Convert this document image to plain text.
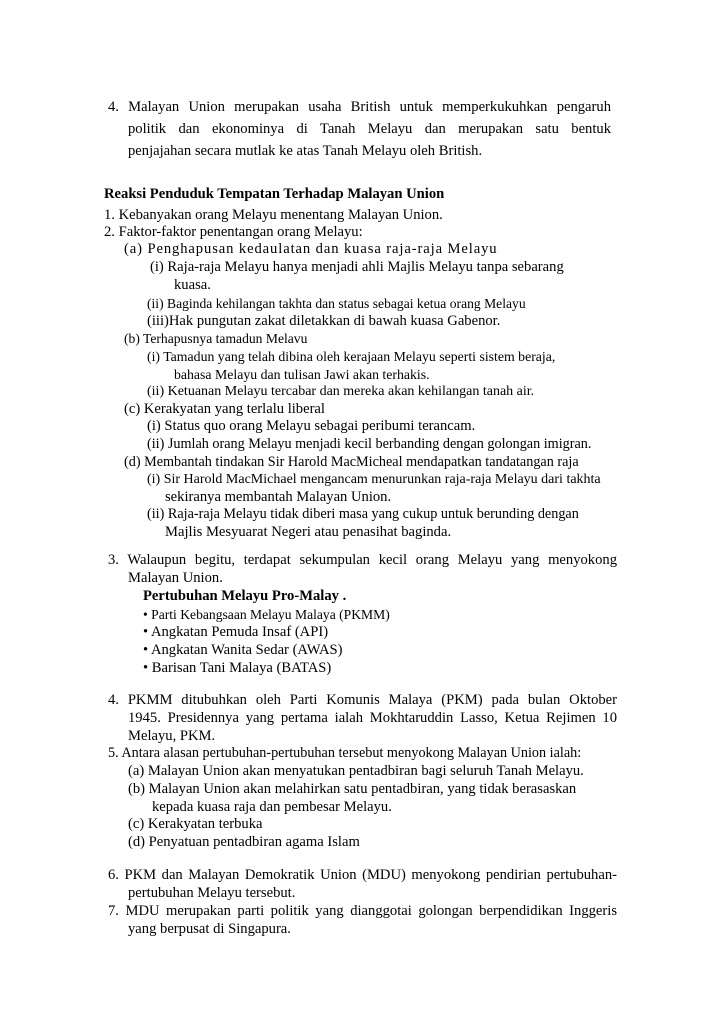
4. Malayan Union merupakan usaha British untuk memperkukuhkan pengaruh
politik dan ekonominya di Tanah Melayu dan merupakan satu bentuk
penjajahan secara mutlak ke atas Tanah Melayu oleh British.
Reaksi Penduduk Tempatan Terhadap Malayan Union
1. Kebanyakan orang Melayu menentang Malayan Union.
2. Faktor-faktor penentangan orang Melayu:
(a) Penghapusan kedaulatan dan kuasa raja-raja Melayu
(i) Raja-raja Melayu hanya menjadi ahli Majlis Melayu tanpa sebarang
kuasa.
(ii) Baginda kehilangan takhta dan status sebagai ketua orang Melayu
(iii)Hak pungutan zakat diletakkan di bawah kuasa Gabenor.
(b) Terhapusnya tamadun Melavu
(i) Tamadun yang telah dibina oleh kerajaan Melayu seperti sistem beraja,
bahasa Melayu dan tulisan Jawi akan terhakis.
(ii) Ketuanan Melayu tercabar dan mereka akan kehilangan tanah air.
(c) Kerakyatan yang terlalu liberal
(i) Status quo orang Melayu sebagai peribumi terancam.
(ii) Jumlah orang Melayu menjadi kecil berbanding dengan golongan imigran.
(d) Membantah tindakan Sir Harold MacMicheal mendapatkan tandatangan raja
(i) Sir Harold MacMichael mengancam menurunkan raja-raja Melayu dari takhta
sekiranya membantah Malayan Union.
(ii) Raja-raja Melayu tidak diberi masa yang cukup untuk berunding dengan
Majlis Mesyuarat Negeri atau penasihat baginda.
3. Walaupun begitu, terdapat sekumpulan kecil orang Melayu yang menyokong
Malayan Union.
Pertubuhan Melayu Pro-Malay .
• Parti Kebangsaan Melayu Malaya (PKMM)
• Angkatan Pemuda Insaf (API)
• Angkatan Wanita Sedar (AWAS)
• Barisan Tani Malaya (BATAS)
4. PKMM ditubuhkan oleh Parti Komunis Malaya (PKM) pada bulan Oktober
1945. Presidennya yang pertama ialah Mokhtaruddin Lasso, Ketua Rejimen 10
Melayu, PKM.
5. Antara alasan pertubuhan-pertubuhan tersebut menyokong Malayan Union ialah:
(a) Malayan Union akan menyatukan pentadbiran bagi seluruh Tanah Melayu.
(b) Malayan Union akan melahirkan satu pentadbiran, yang tidak berasaskan
kepada kuasa raja dan pembesar Melayu.
(c) Kerakyatan terbuka
(d) Penyatuan pentadbiran agama Islam
6. PKM dan Malayan Demokratik Union (MDU) menyokong pendirian pertubuhan-
pertubuhan Melayu tersebut.
7. MDU merupakan parti politik yang dianggotai golongan berpendidikan Inggeris
yang berpusat di Singapura.
